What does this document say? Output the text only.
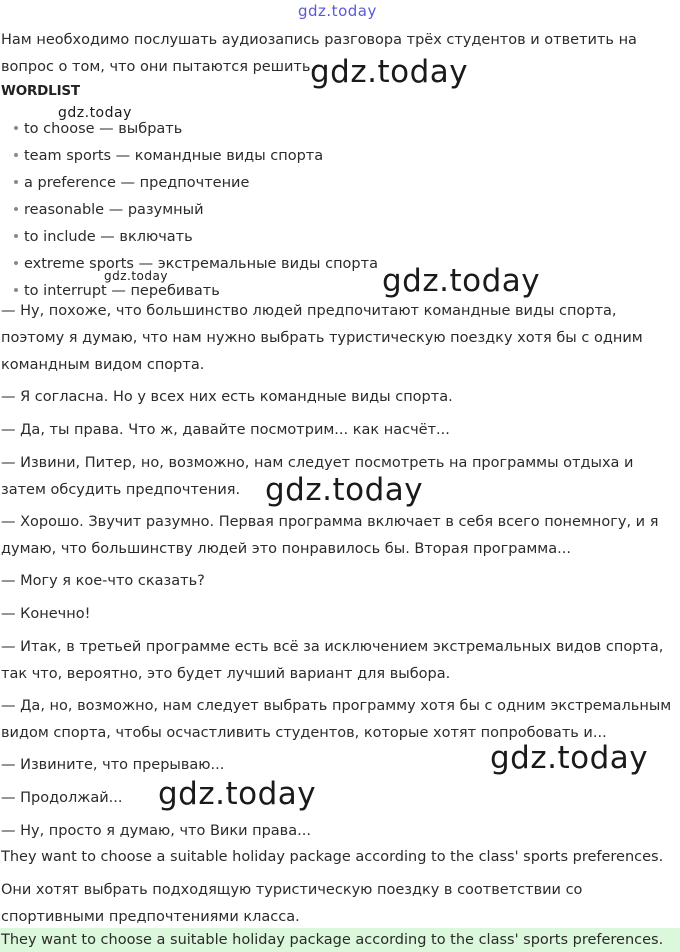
gdz.today
Нам необходимо послушать аудиозапись разговора трёх студентов и ответить на
вопрос о том, что они пытаются решить.
gdz.today
WORDLIST
gdz.today
to choose — выбрать
team sports — командные виды спорта
a preference — предпочтение
reasonable — разумный
to include — включать
extreme sports — экстремальные виды спорта
gdz.today
to interrupt — перебивать	gdz.today
— Ну, похоже, что большинство людей предпочитают командные виды спорта, поэтому я думаю, что нам нужно выбрать туристическую поездку хотя бы с одним командным видом спорта.
— Я согласна. Но у всех них есть командные виды спорта.
— Да, ты права. Что ж, давайте посмотрим... как насчёт...
— Извини, Питер, но, возможно, нам следует посмотреть на программы отдыха и затем обсудить предпочтения. gdz.today
— Хорошо. Звучит разумно. Первая программа включает в себя всего понемногу, и я думаю, что большинству людей это понравилось бы. Вторая программа...
— Могу я кое-что сказать?
— Конечно!
— Итак, в третьей программе есть всё за исключением экстремальных видов спорта, так что, вероятно, это будет лучший вариант для выбора.
— Да, но, возможно, нам следует выбрать программу хотя бы с одним экстремальным видом спорта, чтобы осчастливить студентов, которые хотят попробовать и...
gdz.today
— Извините, что прерываю...
— Продолжай...	gdz.today
— Ну, просто я думаю, что Вики права...
They want to choose a suitable holiday package according to the class' sports preferences.
Они хотят выбрать подходящую туристическую поездку в соответствии со спортивными предпочтениями класса.
They want to choose a suitable holiday package according to the class' sports preferences.
